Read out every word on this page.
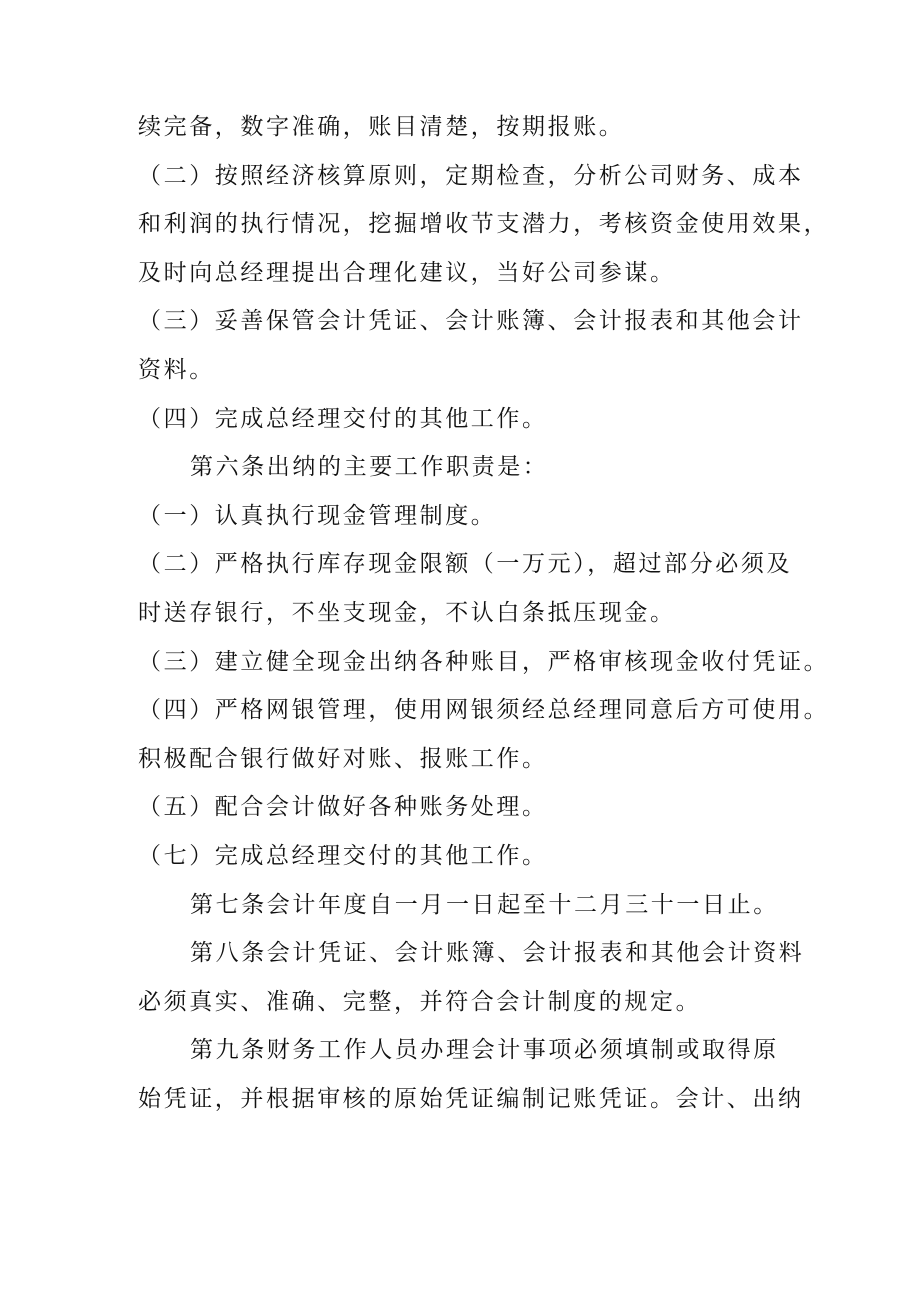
续完备，数字准确，账目清楚，按期报账。
（二）按照经济核算原则，定期检查，分析公司财务、成本
和利润的执行情况，挖掘增收节支潜力，考核资金使用效果，
及时向总经理提出合理化建议，当好公司参谋。
（三）妥善保管会计凭证、会计账簿、会计报表和其他会计
资料。
（四）完成总经理交付的其他工作。
第六条出纳的主要工作职责是：
（一）认真执行现金管理制度。
（二）严格执行库存现金限额（一万元），超过部分必须及
时送存银行，不坐支现金，不认白条抵压现金。
（三）建立健全现金出纳各种账目，严格审核现金收付凭证。
（四）严格网银管理，使用网银须经总经理同意后方可使用。
积极配合银行做好对账、报账工作。
（五）配合会计做好各种账务处理。
（七）完成总经理交付的其他工作。
第七条会计年度自一月一日起至十二月三十一日止。
第八条会计凭证、会计账簿、会计报表和其他会计资料
必须真实、准确、完整，并符合会计制度的规定。
第九条财务工作人员办理会计事项必须填制或取得原
始凭证，并根据审核的原始凭证编制记账凭证。会计、出纳
